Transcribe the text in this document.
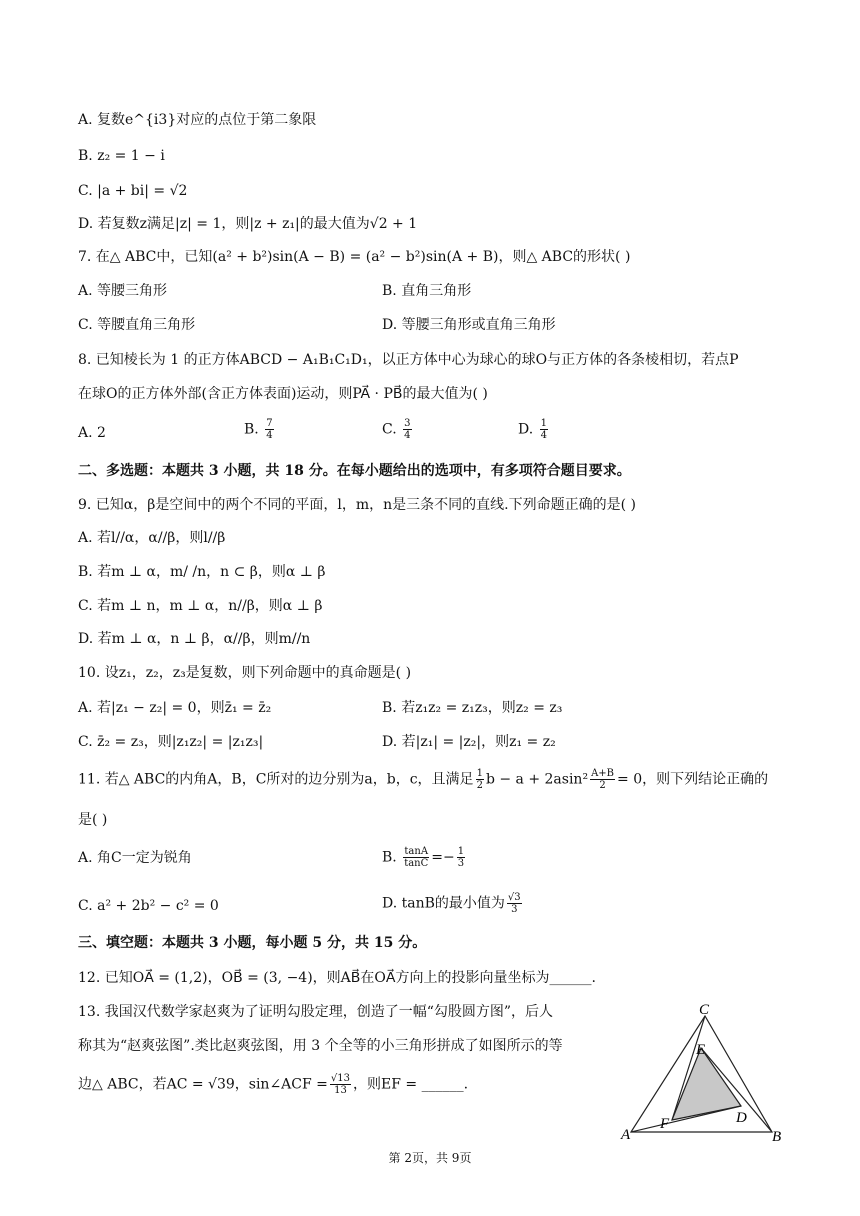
A. 复数e^{i3}对应的点位于第二象限
B. z₂ = 1 − i
C. |a + bi| = √2
D. 若复数z满足|z| = 1，则|z + z₁|的最大值为√2 + 1
7. 在△ ABC中，已知(a² + b²)sin(A − B) = (a² − b²)sin(A + B)，则△ ABC的形状( )
A. 等腰三角形	B. 直角三角形
C. 等腰直角三角形	D. 等腰三角形或直角三角形
8. 已知棱长为 1 的正方体ABCD − A₁B₁C₁D₁，以正方体中心为球心的球O与正方体的各条棱相切，若点P
在球O的正方体外部(含正方体表面)运动，则PA⃗ · PB⃗的最大值为( )
A. 2	B. $\frac{7}{4}$	C. $\frac{3}{4}$	D. $\frac{1}{4}$
二、多选题：本题共 3 小题，共 18 分。在每小题给出的选项中，有多项符合题目要求。
9. 已知α，β是空间中的两个不同的平面，l，m，n是三条不同的直线.下列命题正确的是( )
A. 若l//α，α//β，则l//β
B. 若m ⊥ α，m/ /n，n ⊂ β，则α ⊥ β
C. 若m ⊥ n，m ⊥ α，n//β，则α ⊥ β
D. 若m ⊥ α，n ⊥ β，α//β，则m//n
10. 设z₁，z₂，z₃是复数，则下列命题中的真命题是( )
A. 若|z₁ − z₂| = 0，则z̄₁ = z̄₂	B. 若z₁z₂ = z₁z₃，则z₂ = z₃
C. z̄₂ = z₃，则|z₁z₂| = |z₁z₃|	D. 若|z₁| = |z₂|，则z₁ = z₂
11. 若△ ABC的内角A，B，C所对的边分别为a，b，c，且满足 $\frac{1}{2}$ $b - a + 2asin^2 \frac{A+B}{2} = 0$，则下列结论正确的
是( )
A. 角C一定为锐角	B. $\frac{\tan A}{\tan C} =- \frac{1}{3}$
C. a² + 2b² − c² = 0	D. tanB的最小值为 $\frac{√3}{3}$
三、填空题：本题共 3 小题，每小题 5 分，共 15 分。
12. 已知OA⃗ = (1,2)，OB⃗ = (3, −4)，则AB⃗在OA⃗方向上的投影向量坐标为______.
13. 我国汉代数学家赵爽为了证明勾股定理，创造了一幅“勾股圆方图”，后人
称其为“赵爽弦图”.类比赵爽弦图，用 3 个全等的小三角形拼成了如图所示的等
边△ ABC，若AC = √39，sin∠ACF = $\frac{√13}{13}$ ，则EF = ______.
C
A	B
E
F	D
第 2页，共 9页
